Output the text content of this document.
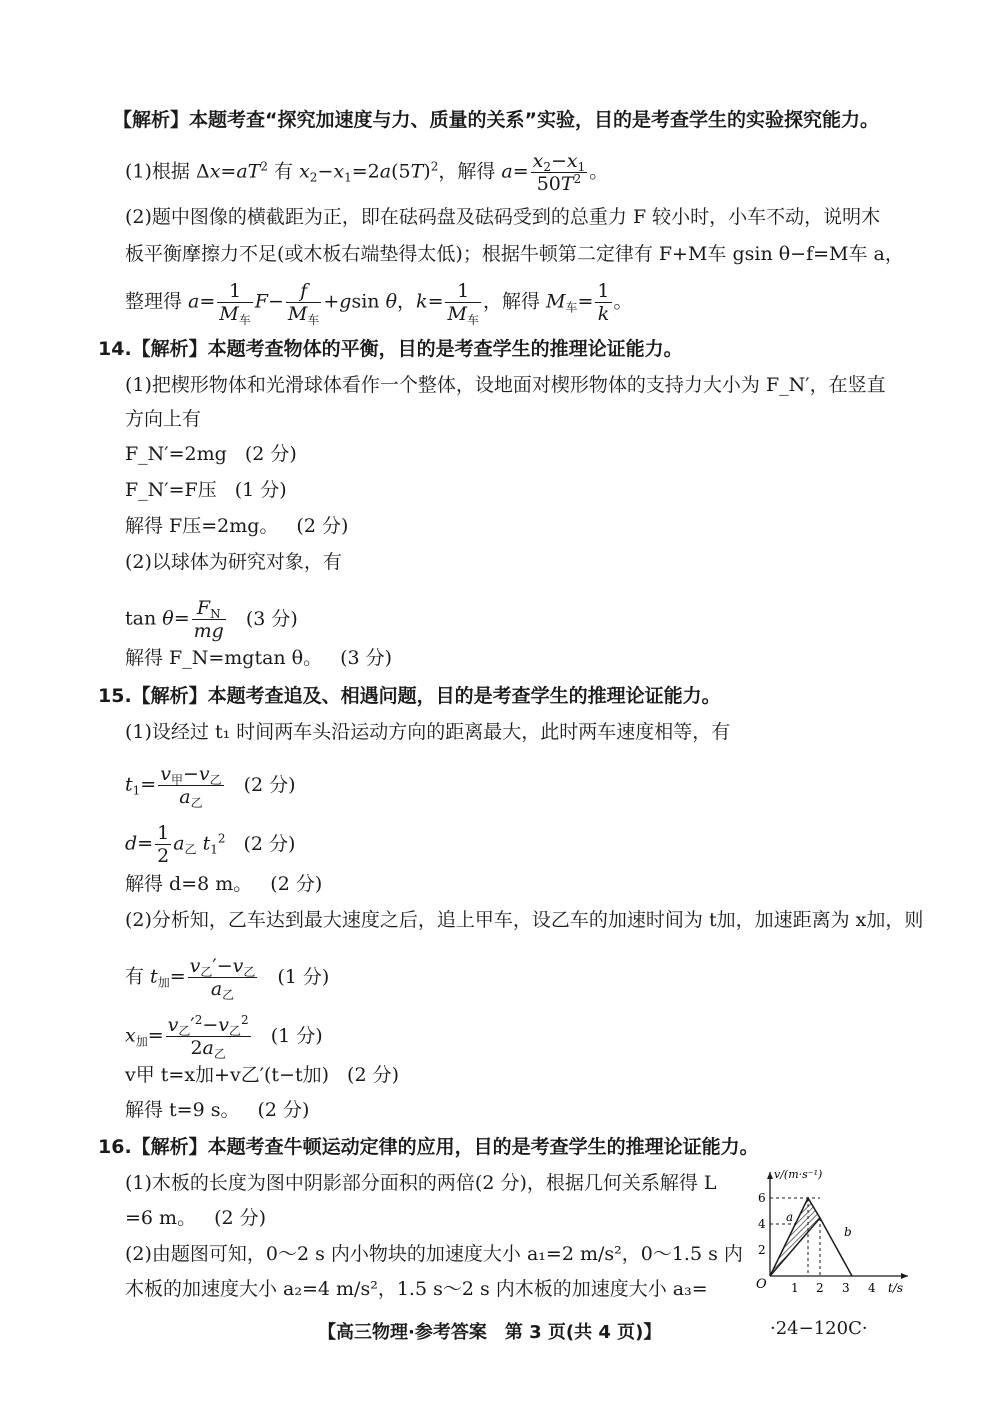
【解析】本题考查“探究加速度与力、质量的关系”实验，目的是考查学生的实验探究能力。
(1)根据 $\Delta x=aT^2$ 有 $x_2-x_1=2a(5T)^2$，解得 $a= \frac{x_2-x_1}{50T^2}$ 。
(2)题中图像的横截距为正，即在砝码盘及砝码受到的总重力 F 较小时，小车不动，说明木
板平衡摩擦力不足(或木板右端垫得太低)；根据牛顿第二定律有 F+M车 gsin θ−f=M车 a，
整理得 $a= \frac{1}{M_车} F- \frac{f}{M_车} +gsin$ θ，$k= \frac{1}{M_车}$ ，解得 $M_车= \frac{1}{k}$ 。
14.【解析】本题考查物体的平衡，目的是考查学生的推理论证能力。
(1)把楔形物体和光滑球体看作一个整体，设地面对楔形物体的支持力大小为 F_N′，在竖直
方向上有
F_N′=2mg (2 分)
F_N′=F压 (1 分)
解得 F压=2mg。 (2 分)
(2)以球体为研究对象，有
$\tan \theta= \frac{F_N}{mg} (3$ 分)
解得 F_N=mgtan θ。 (3 分)
15.【解析】本题考查追及、相遇问题，目的是考查学生的推理论证能力。
(1)设经过 t₁ 时间两车头沿运动方向的距离最大，此时两车速度相等，有
$t_1= \frac{v_甲-v_乙}{a_乙} (2$ 分)
$d= \frac{1}{2} a_乙$ $t_1^2$ (2 分)
解得 d=8 m。 (2 分)
(2)分析知，乙车达到最大速度之后，追上甲车，设乙车的加速时间为 t加，加速距离为 x加，则
有 $t_加= \frac{v_乙'-v_乙}{a_乙} (1$ 分)
$x_加= \frac{v_乙'^2-v_乙^2}{2a_乙} (1$ 分)
v甲 t=x加+v乙′(t−t加) (2 分)
解得 t=9 s。 (2 分)
16.【解析】本题考查牛顿运动定律的应用，目的是考查学生的推理论证能力。
(1)木板的长度为图中阴影部分面积的两倍(2 分)，根据几何关系解得 L
=6 m。 (2 分)
(2)由题图可知，0～2 s 内小物块的加速度大小 a₁=2 m/s²，0～1.5 s 内
木板的加速度大小 a₂=4 m/s²，1.5 s～2 s 内木板的加速度大小 a₃=
v/(m·s⁻¹)
t/s
O
2
4
6
1 2 3 4
a
b
【高三物理·参考答案　第 3 页(共 4 页)】	·24−120C·
